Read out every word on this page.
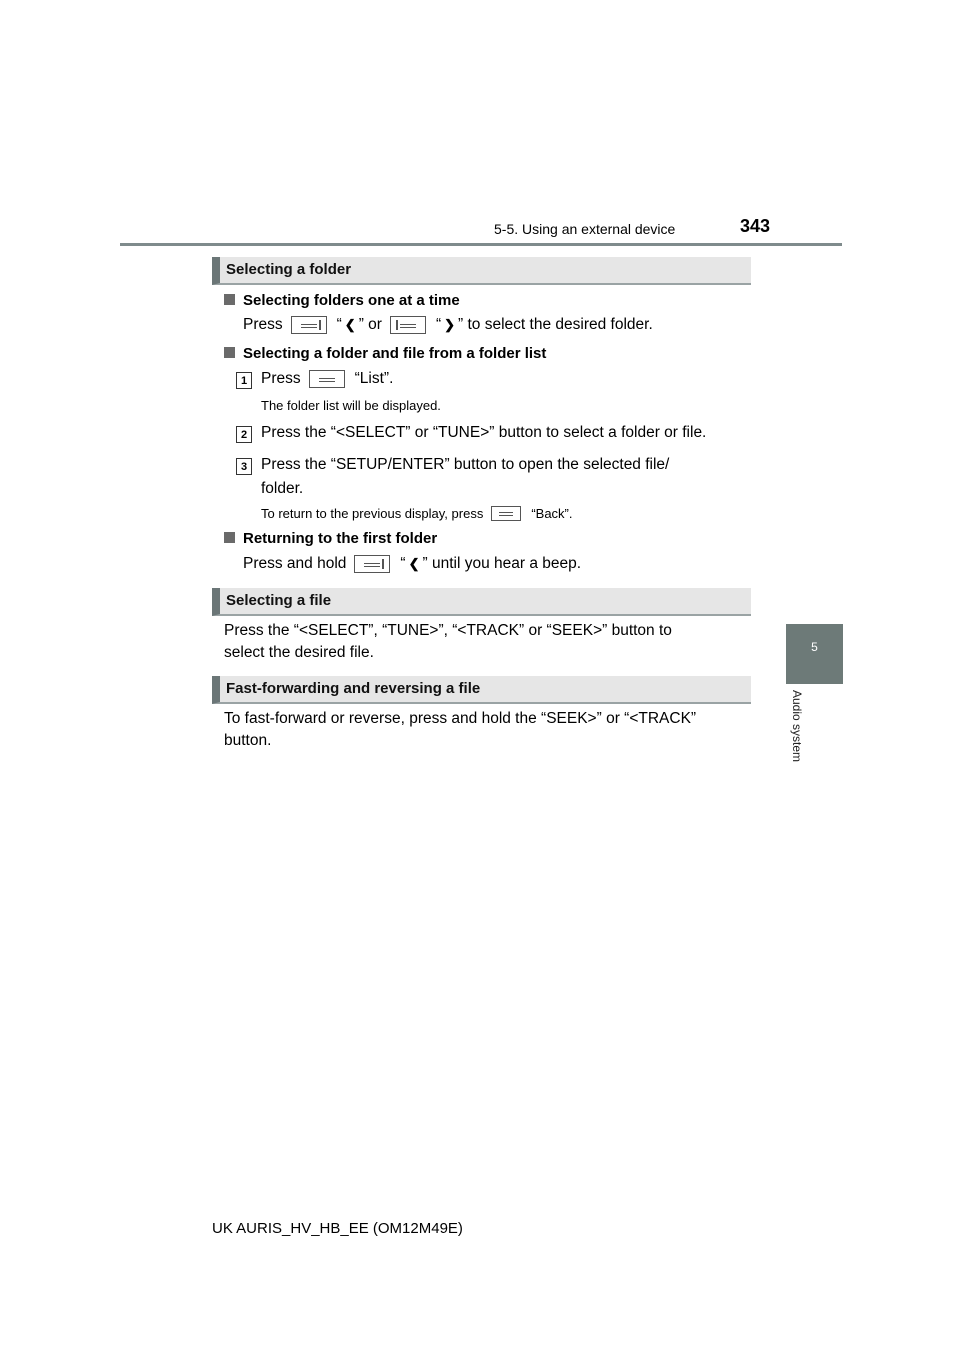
5-5. Using an external device	343
5
Audio system
Selecting a folder
Selecting folders one at a time
Press	“ ❮ ” or	“ ❯ ” to select the desired folder.
Selecting a folder and file from a folder list
1 Press	“List”.
The folder list will be displayed.
2 Press the “<SELECT” or “TUNE>” button to select a folder or file.
3 Press the “SETUP/ENTER” button to open the selected file/
folder.
To return to the previous display, press	“Back”.
Returning to the first folder
Press and hold	“ ❮ ” until you hear a beep.
Selecting a file
Press the “<SELECT”, “TUNE>”, “<TRACK” or “SEEK>” button to
select the desired file.
Fast-forwarding and reversing a file
To fast-forward or reverse, press and hold the “SEEK>” or “<TRACK”
button.
UK AURIS_HV_HB_EE (OM12M49E)
